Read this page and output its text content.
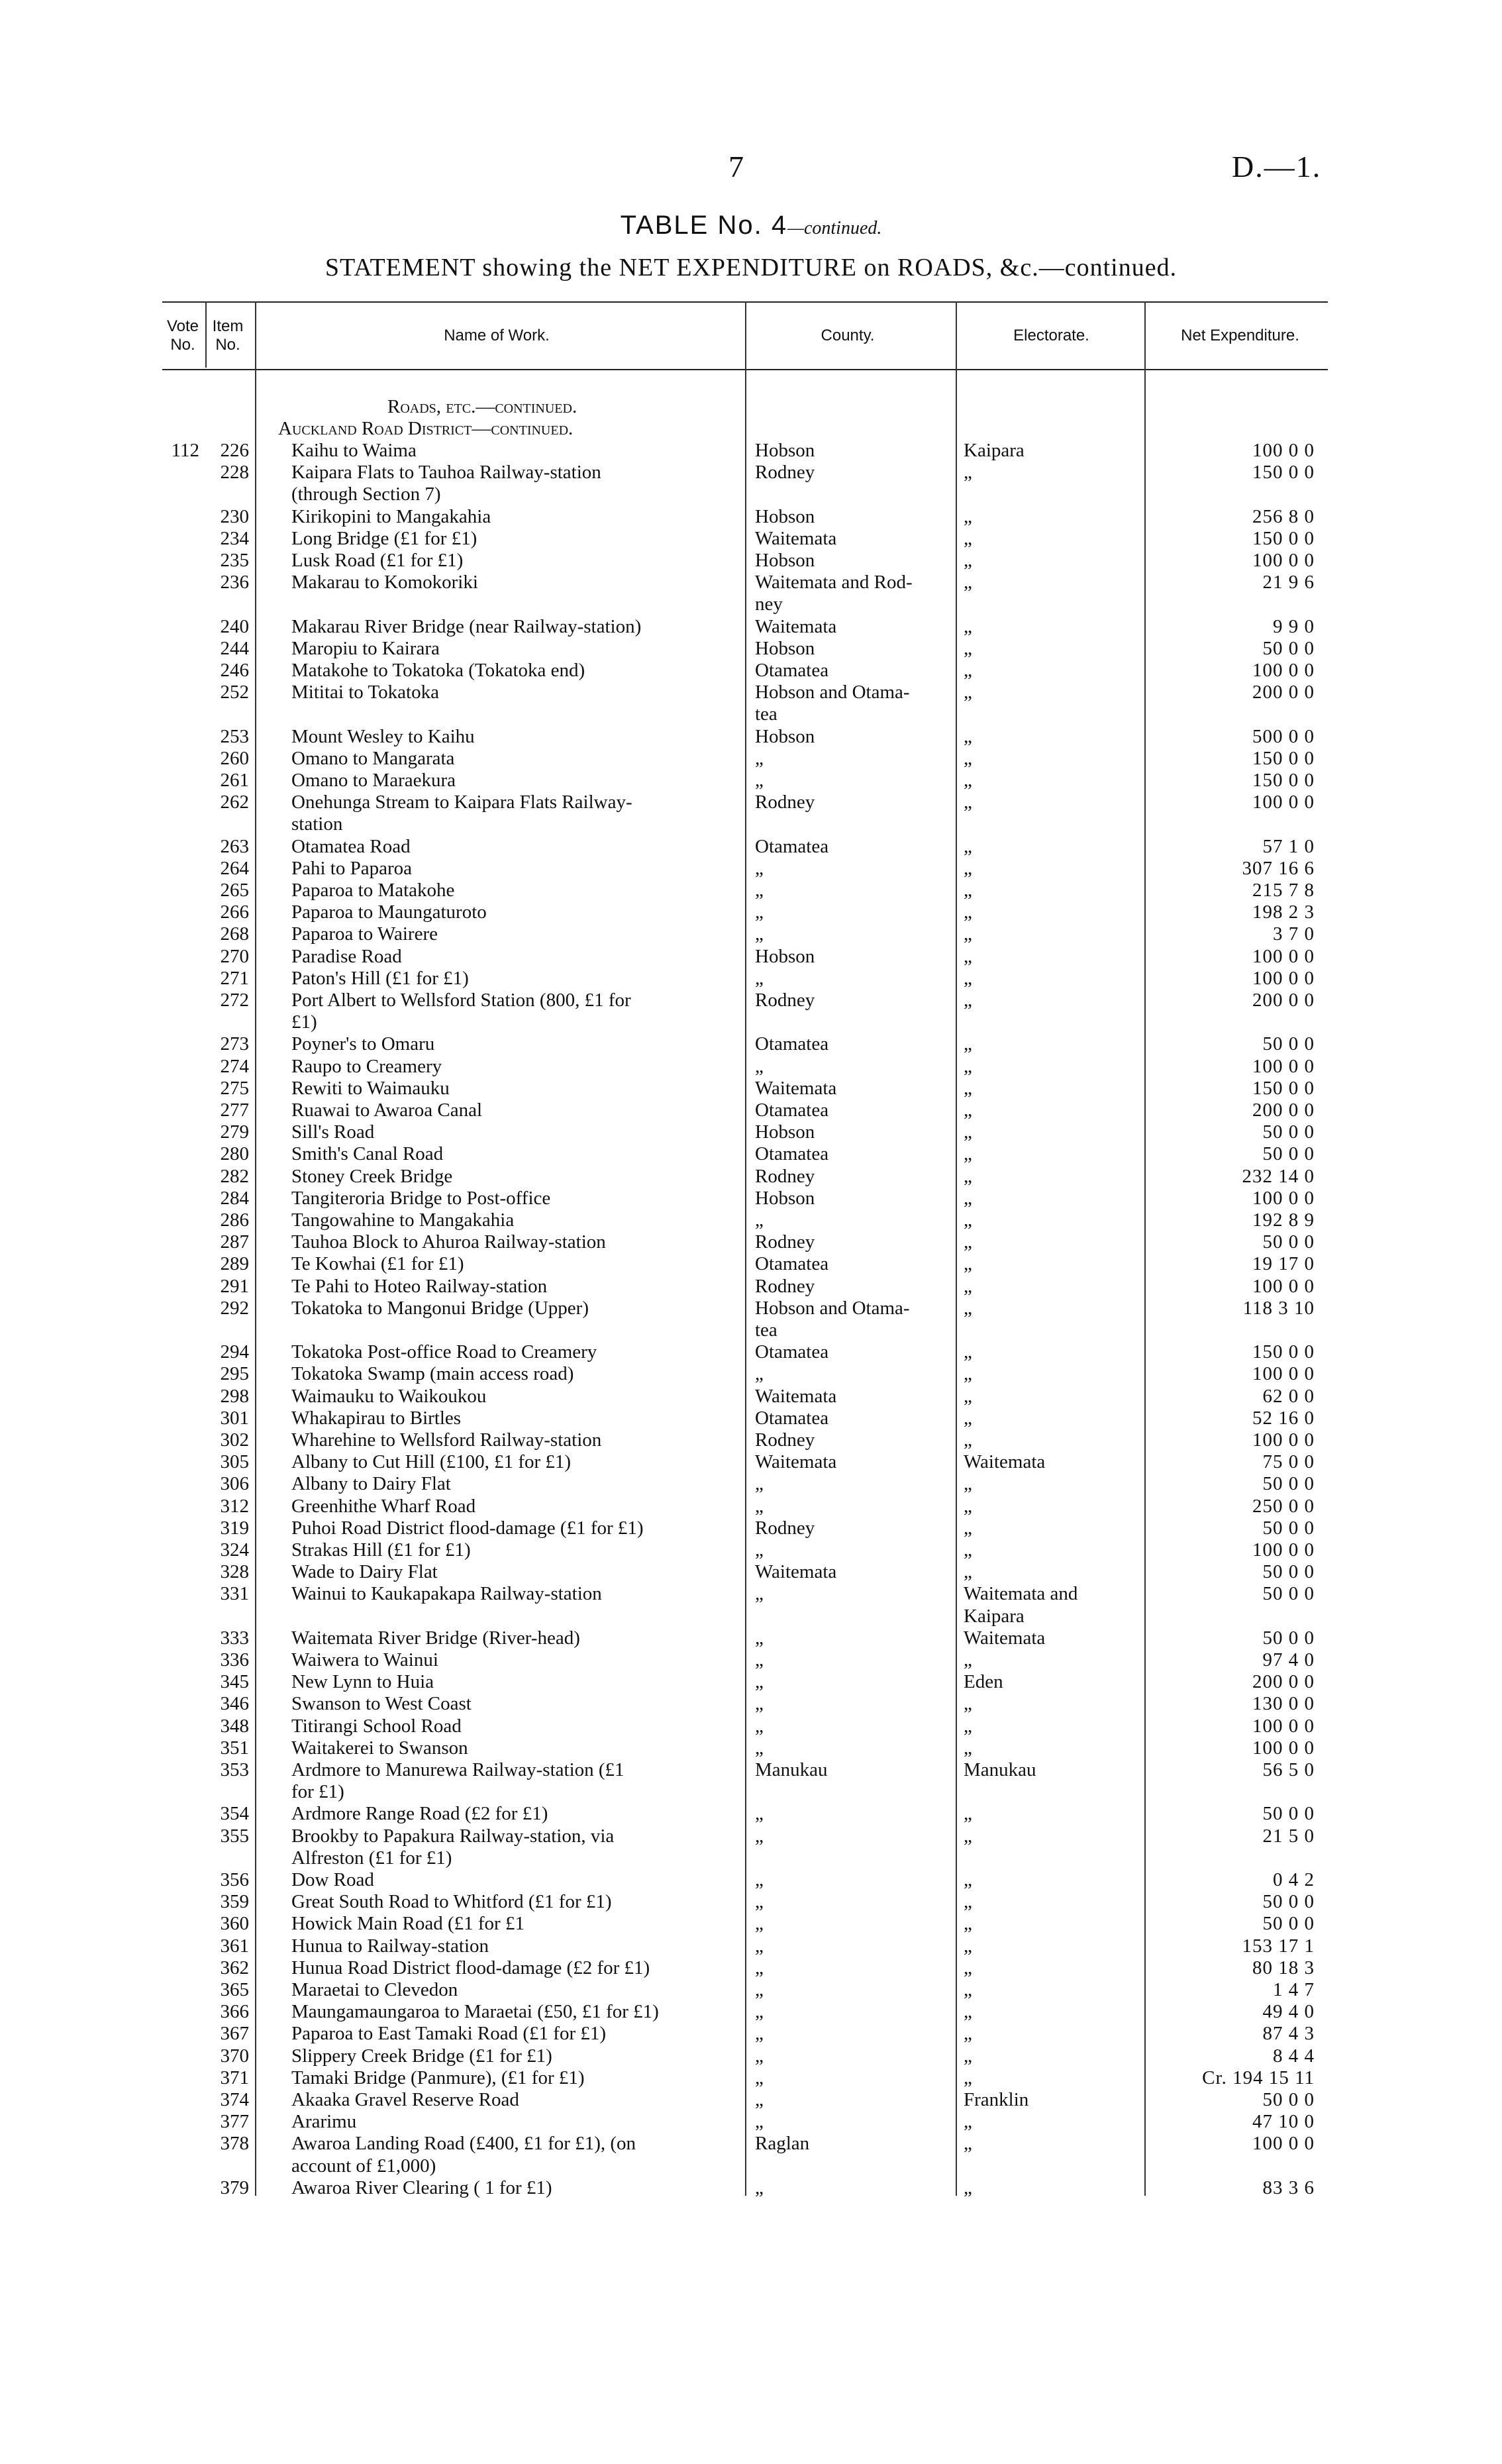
7	D.—1.
TABLE No. 4—continued.
STATEMENT showing the NET EXPENDITURE on ROADS, &c.—continued.
Vote No.
Item No.
Name of Work.	County.	Electorate.	Net Expenditure.
Roads, etc.—continued.
Auckland Road District—continued.
112	226 Kaihu to Waima	Hobson	Kaipara	100 0 0
228 Kaipara Flats to Tauhoa Railway-station	Rodney	„	150 0 0
(through Section 7)
230 Kirikopini to Mangakahia	Hobson	„	256 8 0
234 Long Bridge (£1 for £1)	Waitemata	„	150 0 0
235 Lusk Road (£1 for £1)	Hobson	„	100 0 0
236 Makarau to Komokoriki	Waitemata and Rod-	„	21 9 6
ney
240 Makarau River Bridge (near Railway-station)	Waitemata	„	9 9 0
244 Maropiu to Kairara	Hobson	„	50 0 0
246 Matakohe to Tokatoka (Tokatoka end)	Otamatea	„	100 0 0
252 Mititai to Tokatoka	Hobson and Otama-	„	200 0 0
tea
253 Mount Wesley to Kaihu	Hobson	„	500 0 0
260 Omano to Mangarata	„	„	150 0 0
261 Omano to Maraekura	„	„	150 0 0
262 Onehunga Stream to Kaipara Flats Railway-	Rodney	„	100 0 0
station
263 Otamatea Road	Otamatea	„	57 1 0
264 Pahi to Paparoa	„	„	307 16 6
265 Paparoa to Matakohe	„	„	215 7 8
266 Paparoa to Maungaturoto	„	„	198 2 3
268 Paparoa to Wairere	„	„	3 7 0
270 Paradise Road	Hobson	„	100 0 0
271 Paton's Hill (£1 for £1)	„	„	100 0 0
272 Port Albert to Wellsford Station (800, £1 for	Rodney	„	200 0 0
£1)
273 Poyner's to Omaru	Otamatea	„	50 0 0
274 Raupo to Creamery	„	„	100 0 0
275 Rewiti to Waimauku	Waitemata	„	150 0 0
277 Ruawai to Awaroa Canal	Otamatea	„	200 0 0
279 Sill's Road	Hobson	„	50 0 0
280 Smith's Canal Road	Otamatea	„	50 0 0
282 Stoney Creek Bridge	Rodney	„	232 14 0
284 Tangiteroria Bridge to Post-office	Hobson	„	100 0 0
286 Tangowahine to Mangakahia	„	„	192 8 9
287 Tauhoa Block to Ahuroa Railway-station	Rodney	„	50 0 0
289 Te Kowhai (£1 for £1)	Otamatea	„	19 17 0
291 Te Pahi to Hoteo Railway-station	Rodney	„	100 0 0
292 Tokatoka to Mangonui Bridge (Upper)	Hobson and Otama-	„	118 3 10
tea
294 Tokatoka Post-office Road to Creamery	Otamatea	„	150 0 0
295 Tokatoka Swamp (main access road)	„	„	100 0 0
298 Waimauku to Waikoukou	Waitemata	„	62 0 0
301 Whakapirau to Birtles	Otamatea	„	52 16 0
302 Wharehine to Wellsford Railway-station	Rodney	„	100 0 0
305 Albany to Cut Hill (£100, £1 for £1)	Waitemata	Waitemata	75 0 0
306 Albany to Dairy Flat	„	„	50 0 0
312 Greenhithe Wharf Road	„	„	250 0 0
319 Puhoi Road District flood-damage (£1 for £1)	Rodney	„	50 0 0
324 Strakas Hill (£1 for £1)	„	„	100 0 0
328 Wade to Dairy Flat	Waitemata	„	50 0 0
331 Wainui to Kaukapakapa Railway-station	„	Waitemata and	50 0 0
Kaipara
333 Waitemata River Bridge (River-head)	„	Waitemata	50 0 0
336 Waiwera to Wainui	„	„	97 4 0
345 New Lynn to Huia	„	Eden	200 0 0
346 Swanson to West Coast	„	„	130 0 0
348 Titirangi School Road	„	„	100 0 0
351 Waitakerei to Swanson	„	„	100 0 0
353 Ardmore to Manurewa Railway-station (£1	Manukau	Manukau	56 5 0
for £1)
354 Ardmore Range Road (£2 for £1)	„	„	50 0 0
355 Brookby to Papakura Railway-station, via	„	„	21 5 0
Alfreston (£1 for £1)
356 Dow Road	„	„	0 4 2
359 Great South Road to Whitford (£1 for £1)	„	„	50 0 0
360 Howick Main Road (£1 for £1	„	„	50 0 0
361 Hunua to Railway-station	„	„	153 17 1
362 Hunua Road District flood-damage (£2 for £1)	„	„	80 18 3
365 Maraetai to Clevedon	„	„	1 4 7
366 Maungamaungaroa to Maraetai (£50, £1 for £1)	„	„	49 4 0
367 Paparoa to East Tamaki Road (£1 for £1)	„	„	87 4 3
370 Slippery Creek Bridge (£1 for £1)	„	„	8 4 4
371 Tamaki Bridge (Panmure), (£1 for £1)	„	„	Cr. 194 15 11
374 Akaaka Gravel Reserve Road	„	Franklin	50 0 0
377 Ararimu	„	„	47 10 0
378 Awaroa Landing Road (£400, £1 for £1), (on	Raglan	„	100 0 0
account of £1,000)
379 Awaroa River Clearing ( 1 for £1)	„	„	83 3 6
